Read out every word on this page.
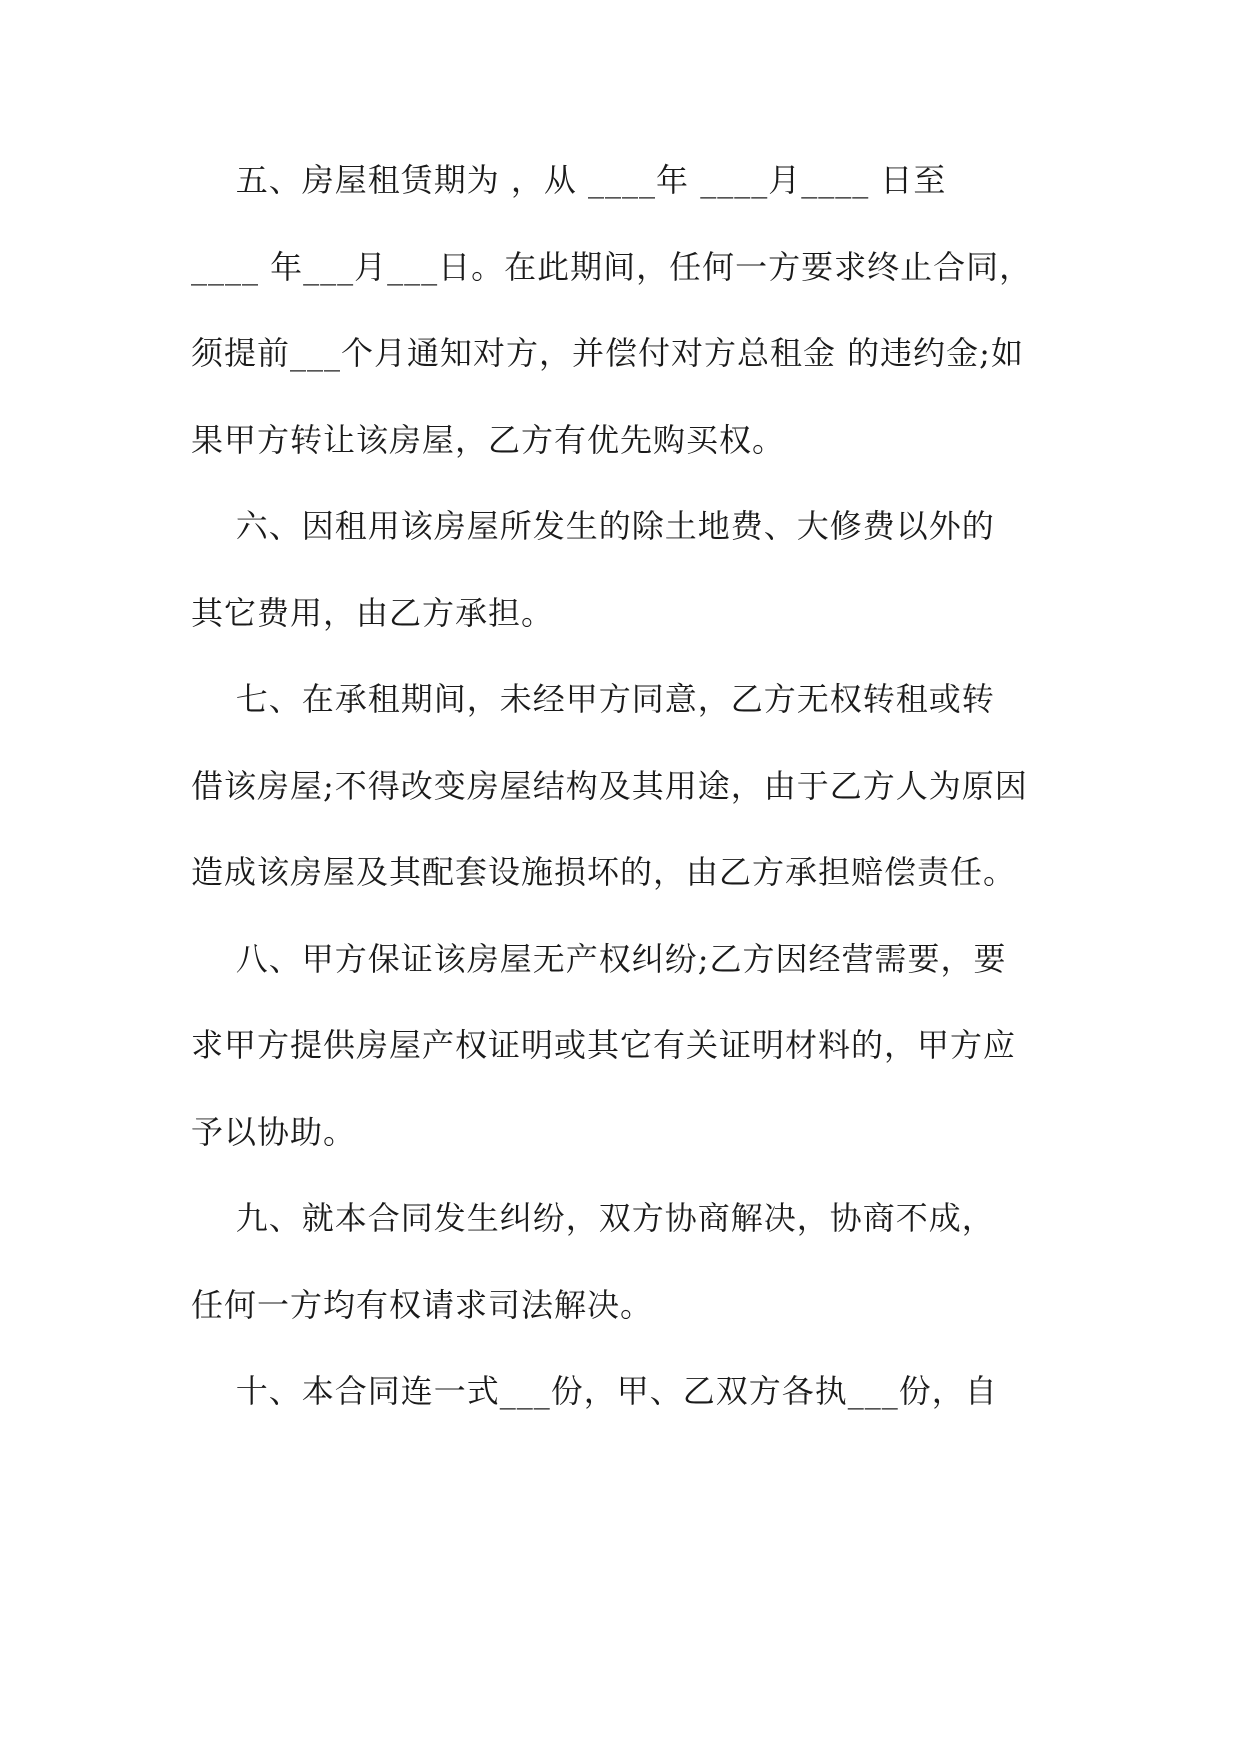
五、房屋租赁期为 ，从 ____年 ____月____ 日至

____ 年___月___日。在此期间，任何一方要求终止合同，

须提前___个月通知对方，并偿付对方总租金 的违约金;如

果甲方转让该房屋，乙方有优先购买权。

六、因租用该房屋所发生的除土地费、大修费以外的

其它费用，由乙方承担。

七、在承租期间，未经甲方同意，乙方无权转租或转

借该房屋;不得改变房屋结构及其用途，由于乙方人为原因

造成该房屋及其配套设施损坏的，由乙方承担赔偿责任。

八、甲方保证该房屋无产权纠纷;乙方因经营需要，要

求甲方提供房屋产权证明或其它有关证明材料的，甲方应

予以协助。

九、就本合同发生纠纷，双方协商解决，协商不成，

任何一方均有权请求司法解决。

十、本合同连一式___份，甲、乙双方各执___份，自
